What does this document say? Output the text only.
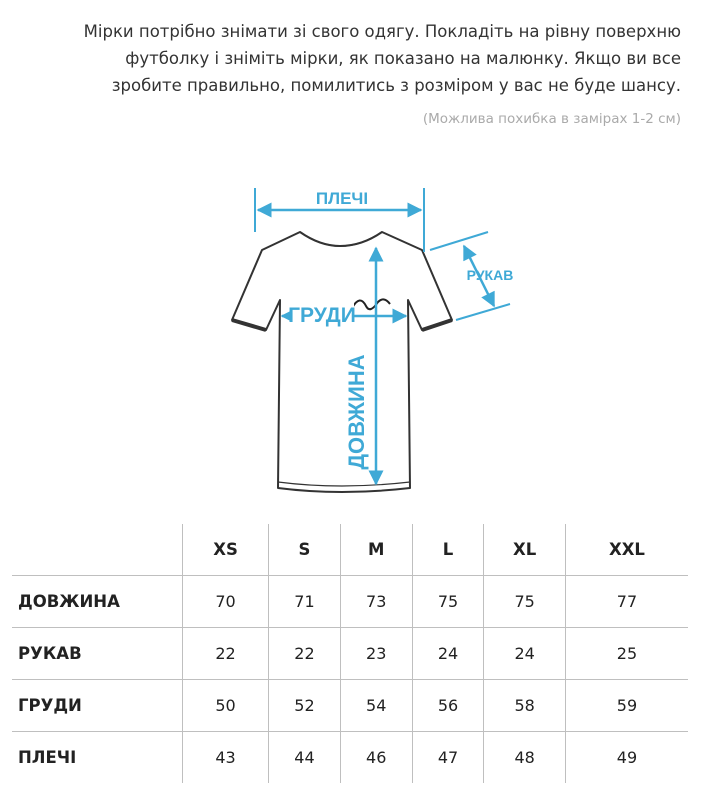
Мірки потрібно знімати зі свого одягу. Покладіть на рівну поверхню
футболку і зніміть мірки, як показано на малюнку. Якщо ви все
зробите правильно, помилитись з розміром у вас не буде шансу.
(Можлива похибка в замірах 1-2 см)
ПЛЕЧІ
РУКАВ
ГРУДИ
ДОВЖИНА
	XS	S	M	L	XL	XXL
ДОВЖИНА	70	71	73	75	75	77
РУКАВ	22	22	23	24	24	25
ГРУДИ	50	52	54	56	58	59
ПЛЕЧІ	43	44	46	47	48	49
